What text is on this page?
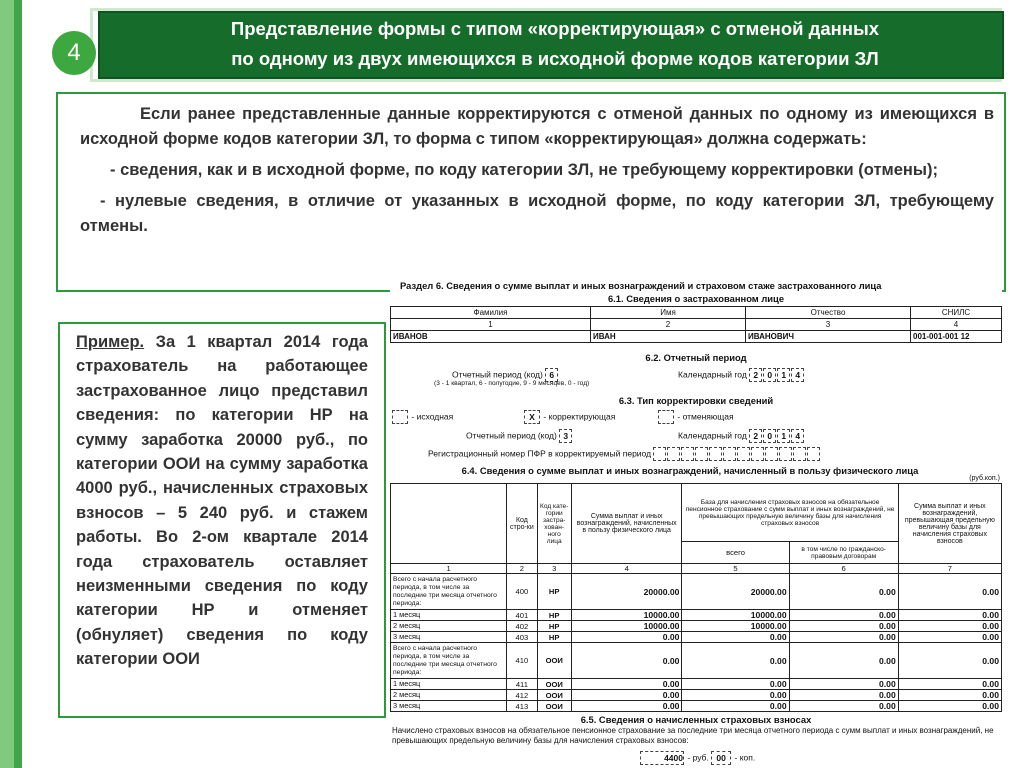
4
Представление формы с типом «корректирующая» с отменой данных
по одному из двух имеющихся в исходной форме кодов категории ЗЛ

Если ранее представленные данные корректируются с отменой данных по одному из имеющихся в исходной форме кодов категории ЗЛ, то форма с типом «корректирующая» должна содержать:

- сведения, как и в исходной форме, по коду категории ЗЛ, не требующему корректировки (отмены);

- нулевые сведения, в отличие от указанных в исходной форме, по коду категории ЗЛ, требующему отмены.

Пример. За 1 квартал 2014 года страхователь на работающее застрахованное лицо представил сведения: по категории НР на сумму заработка 20000 руб., по категории ООИ на сумму заработка 4000 руб., начисленных страховых взносов – 5 240 руб. и стажем работы. Во 2-ом квартале 2014 года страхователь оставляет неизменными сведения по коду категории НР и отменяет (обнуляет) сведения по коду категории ООИ
Раздел 6. Сведения о сумме выплат и иных вознаграждений и страховом стаже застрахованного лица
6.1. Сведения о застрахованном лице
Фамилия	Имя	Отчество	СНИЛС
1	2	3	4
ИВАНОВ	ИВАН	ИВАНОВИЧ	001-001-001 12
6.2. Отчетный период
Отчетный период (код) 6
(3 - 1 квартал, 6 - полугодие, 9 - 9 месяцев, 0 - год)
Календарный год 2 0 1 4
6.3. Тип корректировки сведений
- исходная	X - корректирующая	- отменяющая
Отчетный период (код) 3	Календарный год 2 0 1 4
Регистрационный номер ПФР в корректируемый период
6.4. Сведения о сумме выплат и иных вознаграждений, начисленный в пользу физического лица
(руб.коп.)
	Код стро-ки	Код кате-гории застра-хован-ного лица	Сумма выплат и иных вознаграждений, начисленных в пользу физического лица	База для начисления страховых взносов на обязательное пенсионное страхование с сумм выплат и иных вознаграждений, не превышающих предельную величину базы для начисления страховых взносов		Сумма выплат и иных вознаграждений, превышающая предельную величину базы для начисления страховых взносов
				всего	в том числе по гражданско-правовым договорам	
1	2	3	4	5	6	7
Всего с начала расчетного периода, в том числе за последние три месяца отчетного периода:	400	НР	20000.00	20000.00	0.00	0.00
1 месяц	401	НР	10000.00	10000.00	0.00	0.00
2 месяц	402	НР	10000.00	10000.00	0.00	0.00
3 месяц	403	НР	0.00	0.00	0.00	0.00
Всего с начала расчетного периода, в том числе за последние три месяца отчетного периода:	410	ООИ	0.00	0.00	0.00	0.00
1 месяц	411	ООИ	0.00	0.00	0.00	0.00
2 месяц	412	ООИ	0.00	0.00	0.00	0.00
3 месяц	413	ООИ	0.00	0.00	0.00	0.00
6.5. Сведения о начисленных страховых взносах
Начислено страховых взносов на обязательное пенсионное страхование за последние три месяца отчетного периода с сумм выплат и иных вознаграждений, не превышающих предельную величину базы для начисления страховых взносов:
4400 - руб. 00 - коп.
